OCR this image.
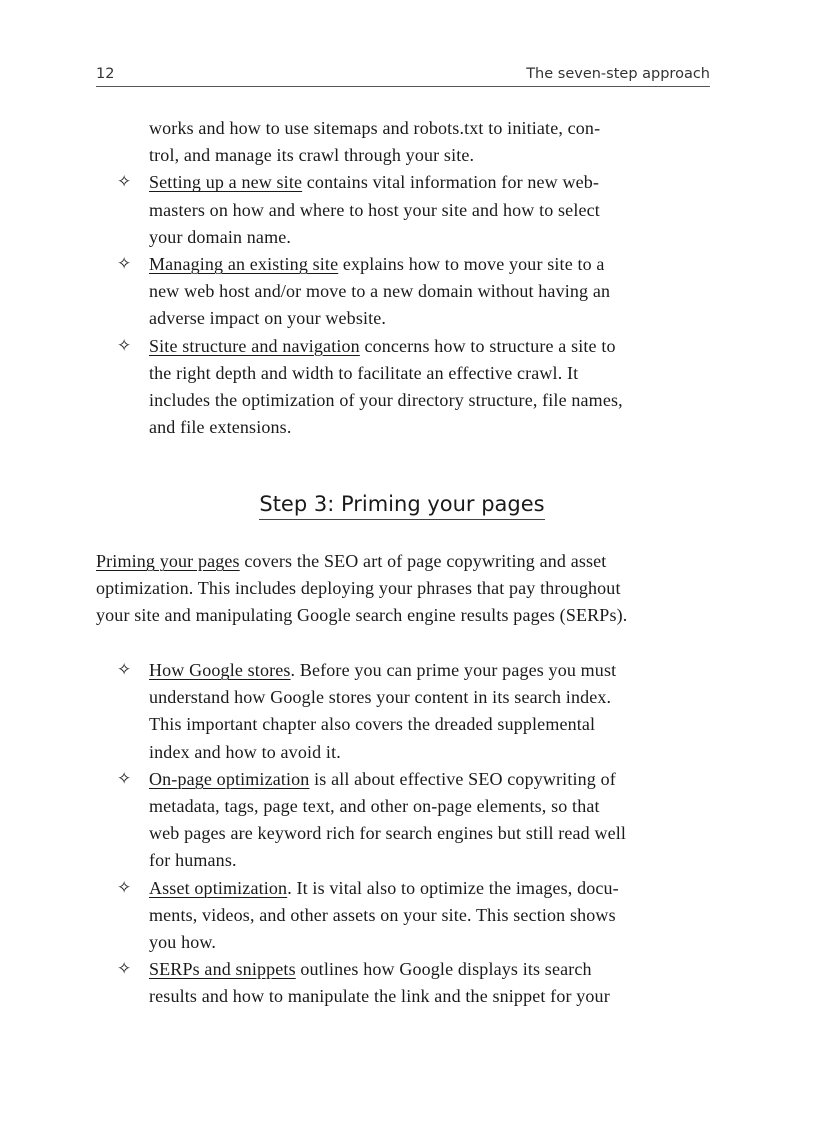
12	The seven-step approach
works and how to use sitemaps and robots.txt to initiate, con-
trol, and manage its crawl through your site.
✧ Setting up a new site contains vital information for new web-
masters on how and where to host your site and how to select
your domain name.
✧ Managing an existing site explains how to move your site to a
new web host and/or move to a new domain without having an
adverse impact on your website.
✧ Site structure and navigation concerns how to structure a site to
the right depth and width to facilitate an effective crawl. It
includes the optimization of your directory structure, file names,
and file extensions.
Step 3: Priming your pages
Priming your pages covers the SEO art of page copywriting and asset
optimization. This includes deploying your phrases that pay throughout
your site and manipulating Google search engine results pages (SERPs).
✧ How Google stores. Before you can prime your pages you must
understand how Google stores your content in its search index.
This important chapter also covers the dreaded supplemental
index and how to avoid it.
✧ On-page optimization is all about effective SEO copywriting of
metadata, tags, page text, and other on-page elements, so that
web pages are keyword rich for search engines but still read well
for humans.
✧ Asset optimization. It is vital also to optimize the images, docu-
ments, videos, and other assets on your site. This section shows
you how.
✧ SERPs and snippets outlines how Google displays its search
results and how to manipulate the link and the snippet for your
